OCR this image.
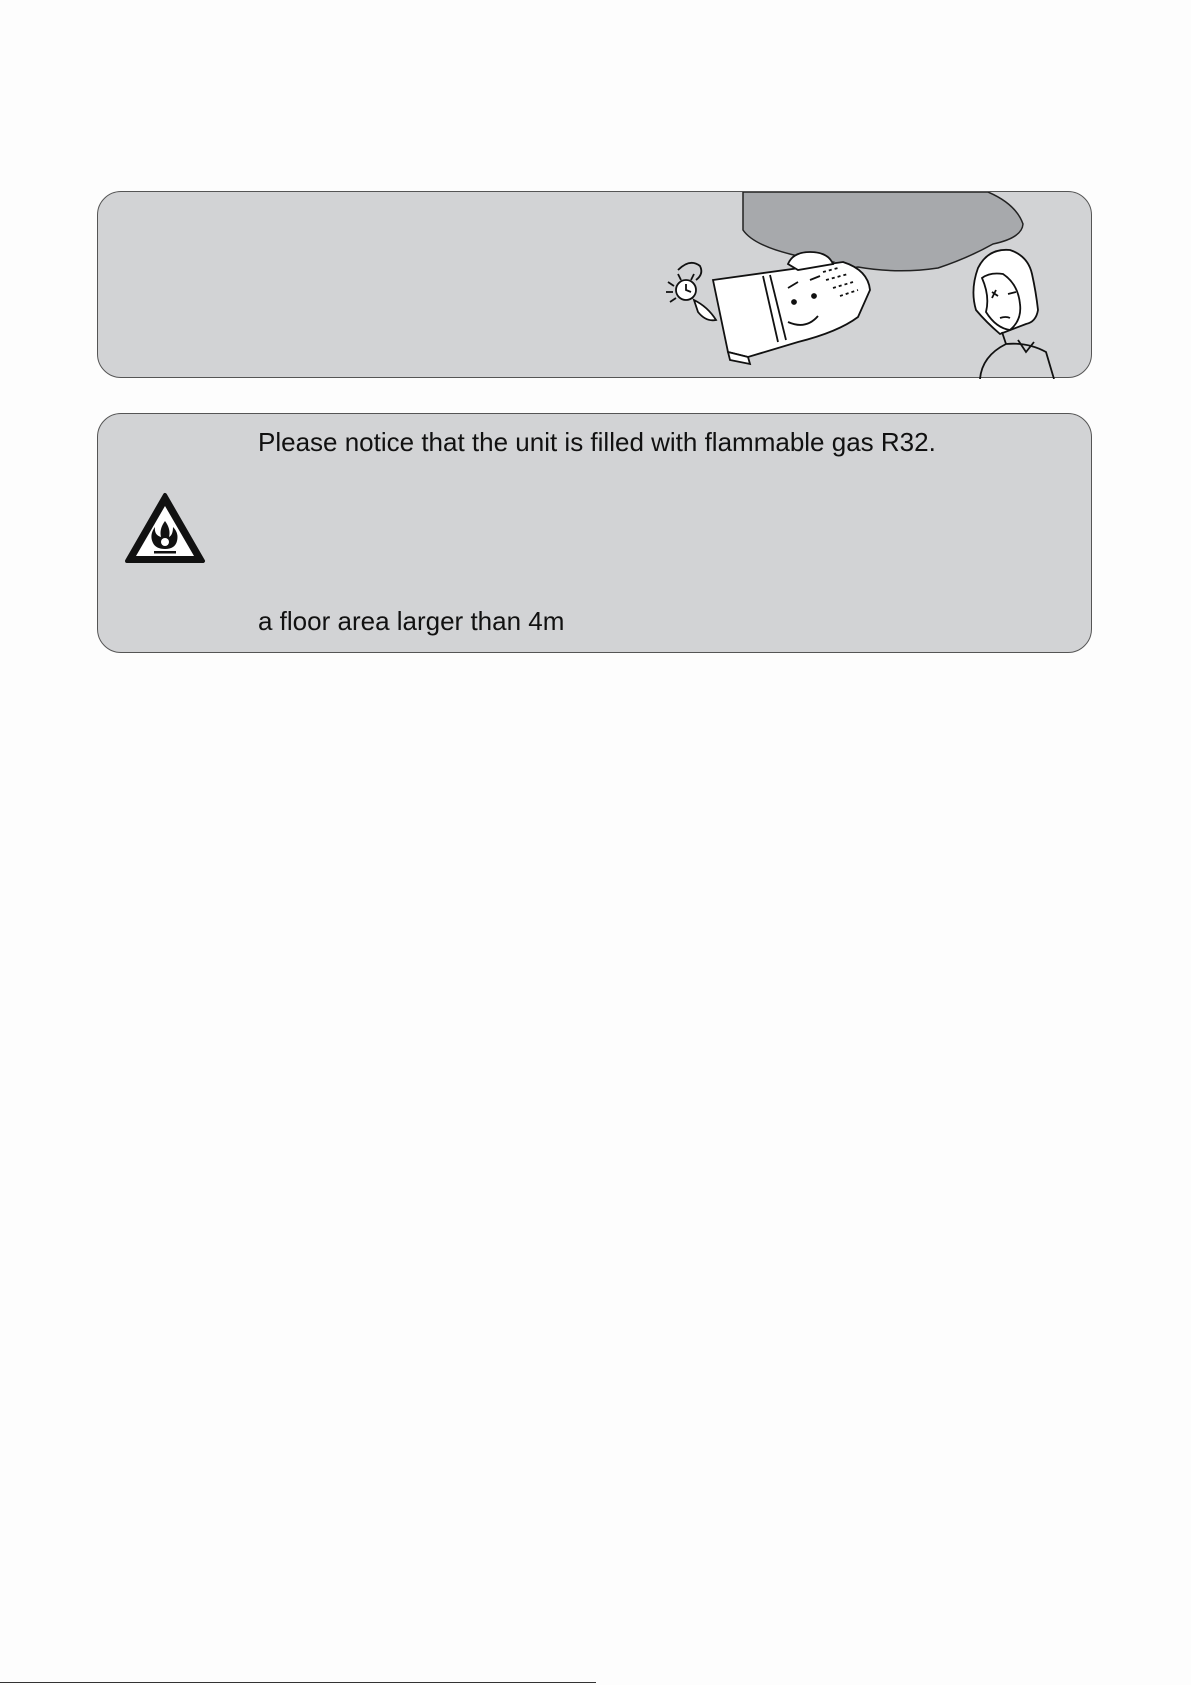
Please notice that the unit is filled with flammable gas R32.

a floor area larger than 4m
